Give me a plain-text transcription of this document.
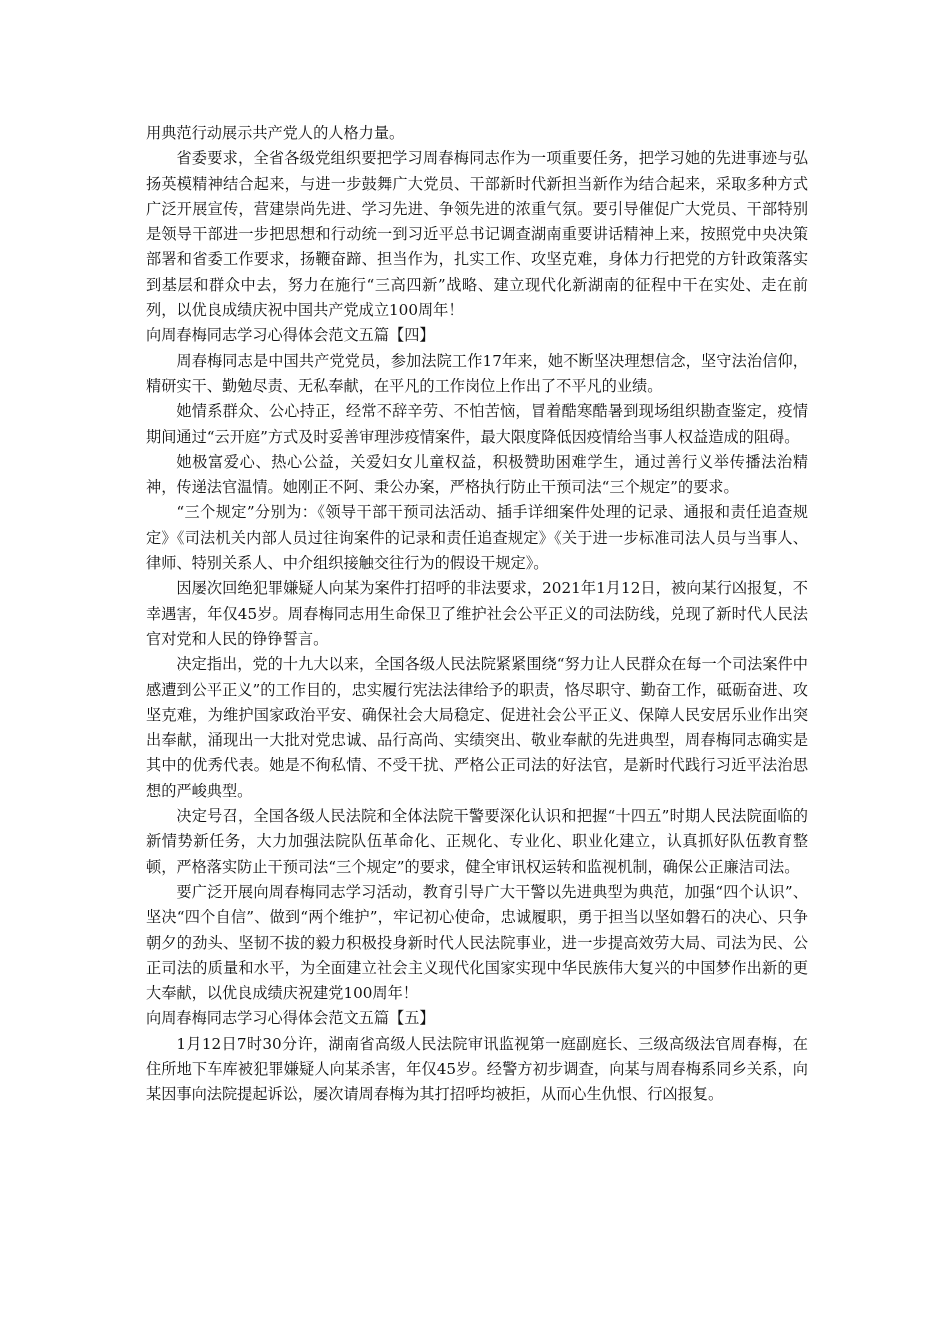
用典范行动展示共产党人的人格力量。

省委要求，全省各级党组织要把学习周春梅同志作为一项重要任务，把学习她的先进事迹与弘扬英模精神结合起来，与进一步鼓舞广大党员、干部新时代新担当新作为结合起来，采取多种方式广泛开展宣传，营建崇尚先进、学习先进、争领先进的浓重气氛。要引导催促广大党员、干部特别是领导干部进一步把思想和行动统一到习近平总书记调查湖南重要讲话精神上来，按照党中央决策部署和省委工作要求，扬鞭奋蹄、担当作为，扎实工作、攻坚克难，身体力行把党的方针政策落实到基层和群众中去，努力在施行“三高四新”战略、建立现代化新湖南的征程中干在实处、走在前列，以优良成绩庆祝中国共产党成立100周年！

向周春梅同志学习心得体会范文五篇【四】

周春梅同志是中国共产党党员，参加法院工作17年来，她不断坚决理想信念，坚守法治信仰，精研实干、勤勉尽责、无私奉献，在平凡的工作岗位上作出了不平凡的业绩。

她情系群众、公心持正，经常不辞辛劳、不怕苦恼，冒着酷寒酷暑到现场组织勘查鉴定，疫情期间通过“云开庭”方式及时妥善审理涉疫情案件，最大限度降低因疫情给当事人权益造成的阻碍。

她极富爱心、热心公益，关爱妇女儿童权益，积极赞助困难学生，通过善行义举传播法治精神，传递法官温情。她刚正不阿、秉公办案，严格执行防止干预司法“三个规定”的要求。

“三个规定”分别为：《领导干部干预司法活动、插手详细案件处理的记录、通报和责任追查规定》《司法机关内部人员过往询案件的记录和责任追查规定》《关于进一步标准司法人员与当事人、律师、特别关系人、中介组织接触交往行为的假设干规定》。

因屡次回绝犯罪嫌疑人向某为案件打招呼的非法要求，2021年1月12日，被向某行凶报复，不幸遇害，年仅45岁。周春梅同志用生命保卫了维护社会公平正义的司法防线，兑现了新时代人民法官对党和人民的铮铮誓言。

决定指出，党的十九大以来，全国各级人民法院紧紧围绕“努力让人民群众在每一个司法案件中感遭到公平正义”的工作目的，忠实履行宪法法律给予的职责，恪尽职守、勤奋工作，砥砺奋进、攻坚克难，为维护国家政治平安、确保社会大局稳定、促进社会公平正义、保障人民安居乐业作出突出奉献，涌现出一大批对党忠诚、品行高尚、实绩突出、敬业奉献的先进典型，周春梅同志确实是其中的优秀代表。她是不徇私情、不受干扰、严格公正司法的好法官，是新时代践行习近平法治思想的严峻典型。

决定号召，全国各级人民法院和全体法院干警要深化认识和把握“十四五”时期人民法院面临的新情势新任务，大力加强法院队伍革命化、正规化、专业化、职业化建立，认真抓好队伍教育整顿，严格落实防止干预司法“三个规定”的要求，健全审讯权运转和监视机制，确保公正廉洁司法。

要广泛开展向周春梅同志学习活动，教育引导广大干警以先进典型为典范，加强“四个认识”、坚决“四个自信”、做到“两个维护”，牢记初心使命，忠诚履职，勇于担当以坚如磐石的决心、只争朝夕的劲头、坚韧不拔的毅力积极投身新时代人民法院事业，进一步提高效劳大局、司法为民、公正司法的质量和水平，为全面建立社会主义现代化国家实现中华民族伟大复兴的中国梦作出新的更大奉献，以优良成绩庆祝建党100周年！

向周春梅同志学习心得体会范文五篇【五】

1月12日7时30分许，湖南省高级人民法院审讯监视第一庭副庭长、三级高级法官周春梅，在住所地下车库被犯罪嫌疑人向某杀害，年仅45岁。经警方初步调查，向某与周春梅系同乡关系，向某因事向法院提起诉讼，屡次请周春梅为其打招呼均被拒，从而心生仇恨、行凶报复。
